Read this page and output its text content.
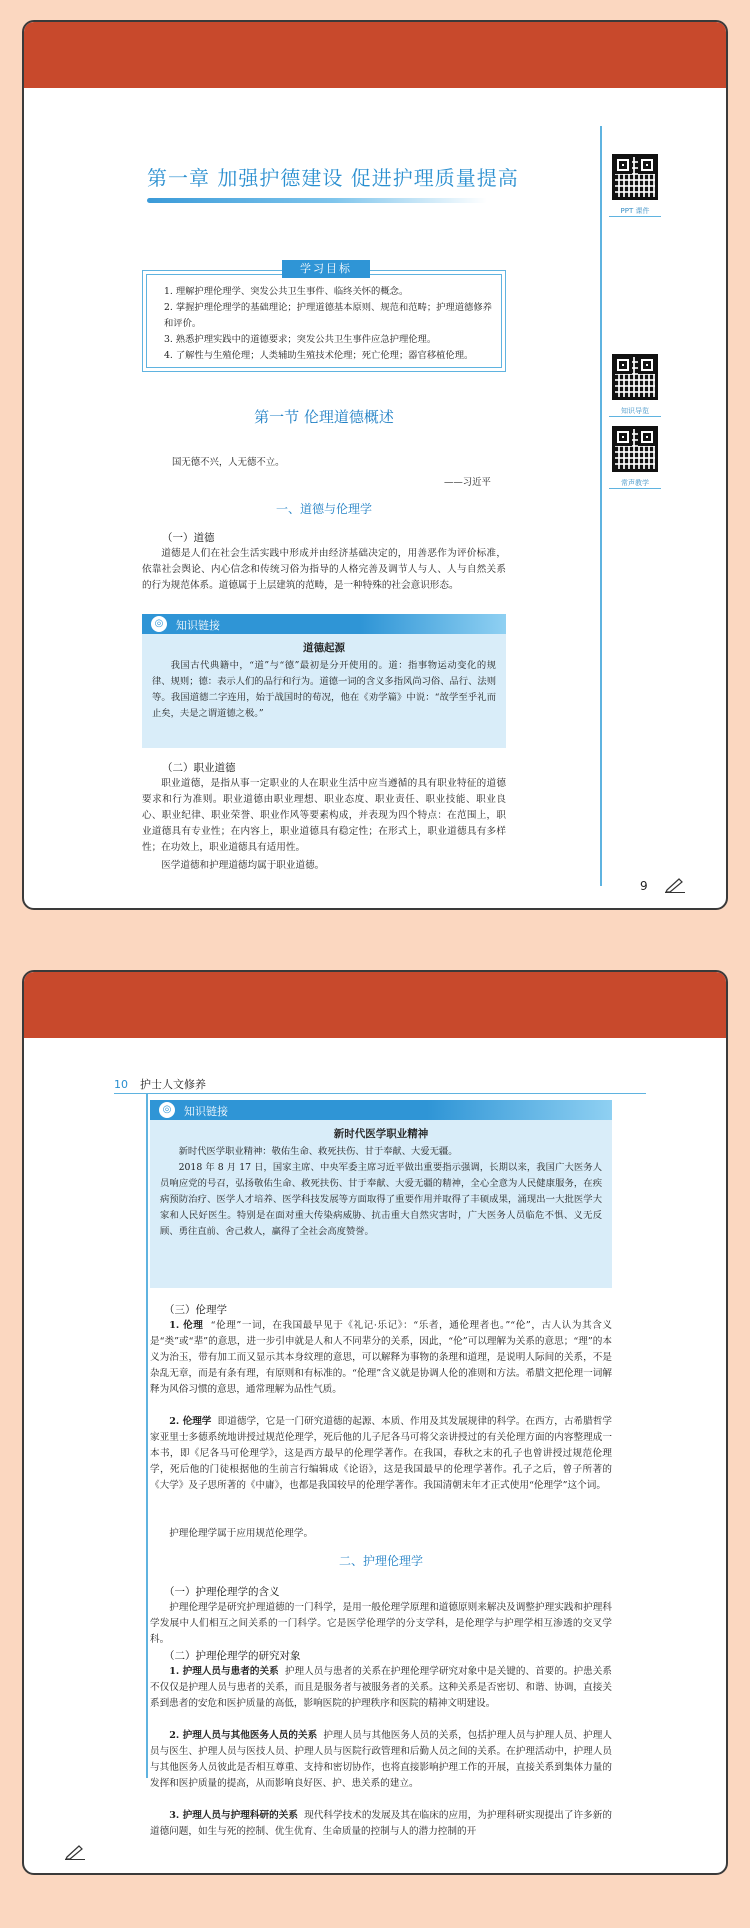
PPT 课件
知识导览
常声教学
第一章 加强护德建设 促进护理质量提高
学习目标
1. 理解护理伦理学、突发公共卫生事件、临终关怀的概念。
2. 掌握护理伦理学的基础理论；护理道德基本原则、规范和范畴；护理道德修养
和评价。
3. 熟悉护理实践中的道德要求；突发公共卫生事件应急护理伦理。
4. 了解性与生殖伦理；人类辅助生殖技术伦理；死亡伦理；器官移植伦理。
第一节 伦理道德概述
国无德不兴，人无德不立。
——习近平
一、道德与伦理学
（一）道德
道德是人们在社会生活实践中形成并由经济基础决定的，用善恶作为评价标准，依靠社会舆论、内心信念和传统习俗为指导的人格完善及调节人与人、人与自然关系的行为规范体系。道德属于上层建筑的范畴，是一种特殊的社会意识形态。
◎	知识链接
道德起源
我国古代典籍中，“道”与“德”最初是分开使用的。道：指事物运动变化的规律、规则；德：表示人们的品行和行为。道德一词的含义多指风尚习俗、品行、法则等。我国道德二字连用，始于战国时的荀况，他在《劝学篇》中说：“故学至乎礼而止矣，夫是之谓道德之极。”
（二）职业道德
职业道德，是指从事一定职业的人在职业生活中应当遵循的具有职业特征的道德要求和行为准则。职业道德由职业理想、职业态度、职业责任、职业技能、职业良心、职业纪律、职业荣誉、职业作风等要素构成，并表现为四个特点：在范围上，职业道德具有专业性；在内容上，职业道德具有稳定性；在形式上，职业道德具有多样性；在功效上，职业道德具有适用性。
医学道德和护理道德均属于职业道德。
9
10 护士人文修养
◎	知识链接
新时代医学职业精神
新时代医学职业精神：敬佑生命、救死扶伤、甘于奉献、大爱无疆。
2018 年 8 月 17 日，国家主席、中央军委主席习近平做出重要指示强调，长期以来，我国广大医务人员响应党的号召，弘扬敬佑生命、救死扶伤、甘于奉献、大爱无疆的精神，全心全意为人民健康服务，在疾病预防治疗、医学人才培养、医学科技发展等方面取得了重要作用并取得了丰硕成果，涌现出一大批医学大家和人民好医生。特别是在面对重大传染病威胁、抗击重大自然灾害时，广大医务人员临危不惧、义无反顾、勇往直前、舍己救人，赢得了全社会高度赞誉。
（三）伦理学
1. 伦理 “伦理”一词，在我国最早见于《礼记·乐记》：“乐者，通伦理者也。”“伦”，古人认为其含义是“类”或“辈”的意思，进一步引申就是人和人不同辈分的关系，因此，“伦”可以理解为关系的意思；“理”的本义为治玉，带有加工而又显示其本身纹理的意思，可以解释为事物的条理和道理，是说明人际间的关系，不是杂乱无章，而是有条有理，有原则和有标准的。“伦理”含义就是协调人伦的准则和方法。希腊文把伦理一词解释为风俗习惯的意思，通常理解为品性气质。
2. 伦理学 即道德学，它是一门研究道德的起源、本质、作用及其发展规律的科学。在西方，古希腊哲学家亚里士多德系统地讲授过规范伦理学，死后他的儿子尼各马可将父亲讲授过的有关伦理方面的内容整理成一本书，即《尼各马可伦理学》，这是西方最早的伦理学著作。在我国，春秋之末的孔子也曾讲授过规范伦理学，死后他的门徒根据他的生前言行编辑成《论语》，这是我国最早的伦理学著作。孔子之后，曾子所著的《大学》及子思所著的《中庸》，也都是我国较早的伦理学著作。我国清朝末年才正式使用“伦理学”这个词。
护理伦理学属于应用规范伦理学。
二、护理伦理学
（一）护理伦理学的含义
护理伦理学是研究护理道德的一门科学，是用一般伦理学原理和道德原则来解决及调整护理实践和护理科学发展中人们相互之间关系的一门科学。它是医学伦理学的分支学科，是伦理学与护理学相互渗透的交叉学科。
（二）护理伦理学的研究对象
1. 护理人员与患者的关系 护理人员与患者的关系在护理伦理学研究对象中是关键的、首要的。护患关系不仅仅是护理人员与患者的关系，而且是服务者与被服务者的关系。这种关系是否密切、和谐、协调，直接关系到患者的安危和医护质量的高低，影响医院的护理秩序和医院的精神文明建设。
2. 护理人员与其他医务人员的关系 护理人员与其他医务人员的关系，包括护理人员与护理人员、护理人员与医生、护理人员与医技人员、护理人员与医院行政管理和后勤人员之间的关系。在护理活动中，护理人员与其他医务人员彼此是否相互尊重、支持和密切协作，也将直接影响护理工作的开展，直接关系到集体力量的发挥和医护质量的提高，从而影响良好医、护、患关系的建立。
3. 护理人员与护理科研的关系 现代科学技术的发展及其在临床的应用，为护理科研实现提出了许多新的道德问题，如生与死的控制、优生优育、生命质量的控制与人的潜力控制的开
